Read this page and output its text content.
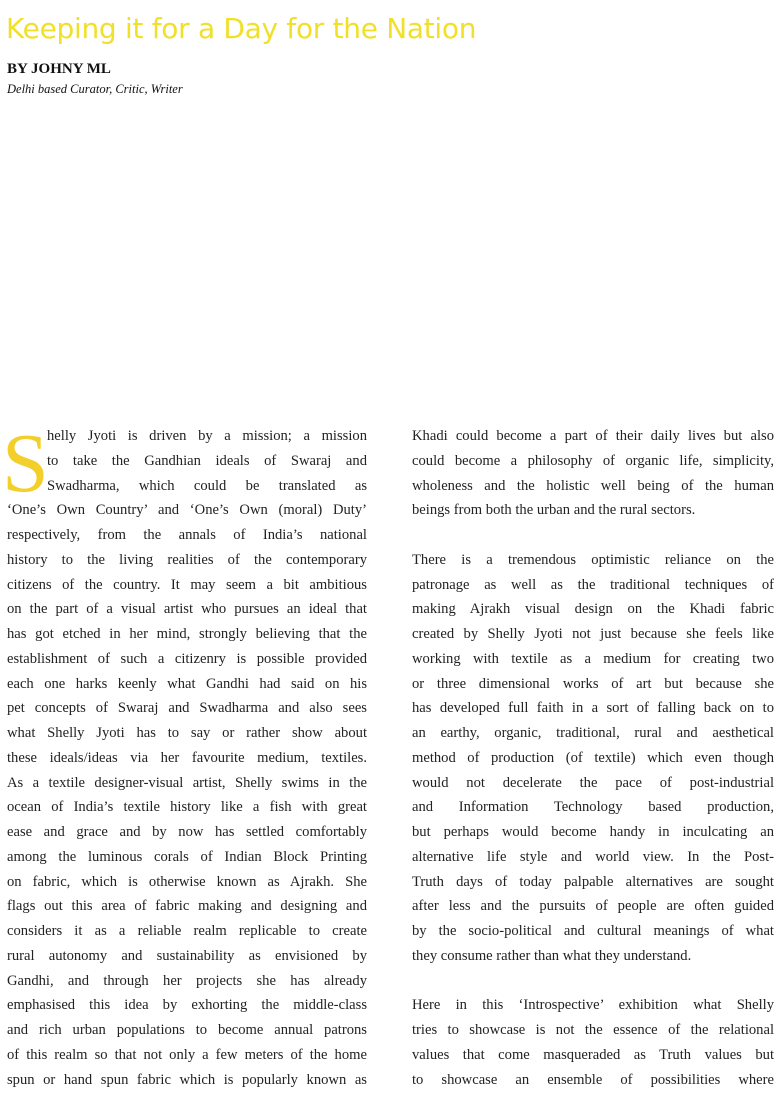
Keeping it for a Day for the Nation
BY JOHNY ML
Delhi based Curator, Critic, Writer
S
helly Jyoti is driven by a mission; a mission
to take the Gandhian ideals of Swaraj and
Swadharma, which could be translated as
‘One’s Own Country’ and ‘One’s Own (moral) Duty’
respectively, from the annals of India’s national
history to the living realities of the contemporary
citizens of the country. It may seem a bit ambitious
on the part of a visual artist who pursues an ideal that
has got etched in her mind, strongly believing that the
establishment of such a citizenry is possible provided
each one harks keenly what Gandhi had said on his
pet concepts of Swaraj and Swadharma and also sees
what Shelly Jyoti has to say or rather show about
these ideals/ideas via her favourite medium, textiles.
As a textile designer-visual artist, Shelly swims in the
ocean of India’s textile history like a fish with great
ease and grace and by now has settled comfortably
among the luminous corals of Indian Block Printing
on fabric, which is otherwise known as Ajrakh. She
flags out this area of fabric making and designing and
considers it as a reliable realm replicable to create
rural autonomy and sustainability as envisioned by
Gandhi, and through her projects she has already
emphasised this idea by exhorting the middle-class
and rich urban populations to become annual patrons
of this realm so that not only a few meters of the home
spun or hand spun fabric which is popularly known as
Khadi could become a part of their daily lives but also
could become a philosophy of organic life, simplicity,
wholeness and the holistic well being of the human
beings from both the urban and the rural sectors.
There is a tremendous optimistic reliance on the
patronage as well as the traditional techniques of
making Ajrakh visual design on the Khadi fabric
created by Shelly Jyoti not just because she feels like
working with textile as a medium for creating two
or three dimensional works of art but because she
has developed full faith in a sort of falling back on to
an earthy, organic, traditional, rural and aesthetical
method of production (of textile) which even though
would not decelerate the pace of post-industrial
and Information Technology based production,
but perhaps would become handy in inculcating an
alternative life style and world view. In the Post-
Truth days of today palpable alternatives are sought
after less and the pursuits of people are often guided
by the socio-political and cultural meanings of what
they consume rather than what they understand.
Here in this ‘Introspective’ exhibition what Shelly
tries to showcase is not the essence of the relational
values that come masqueraded as Truth values but
to showcase an ensemble of possibilities where
